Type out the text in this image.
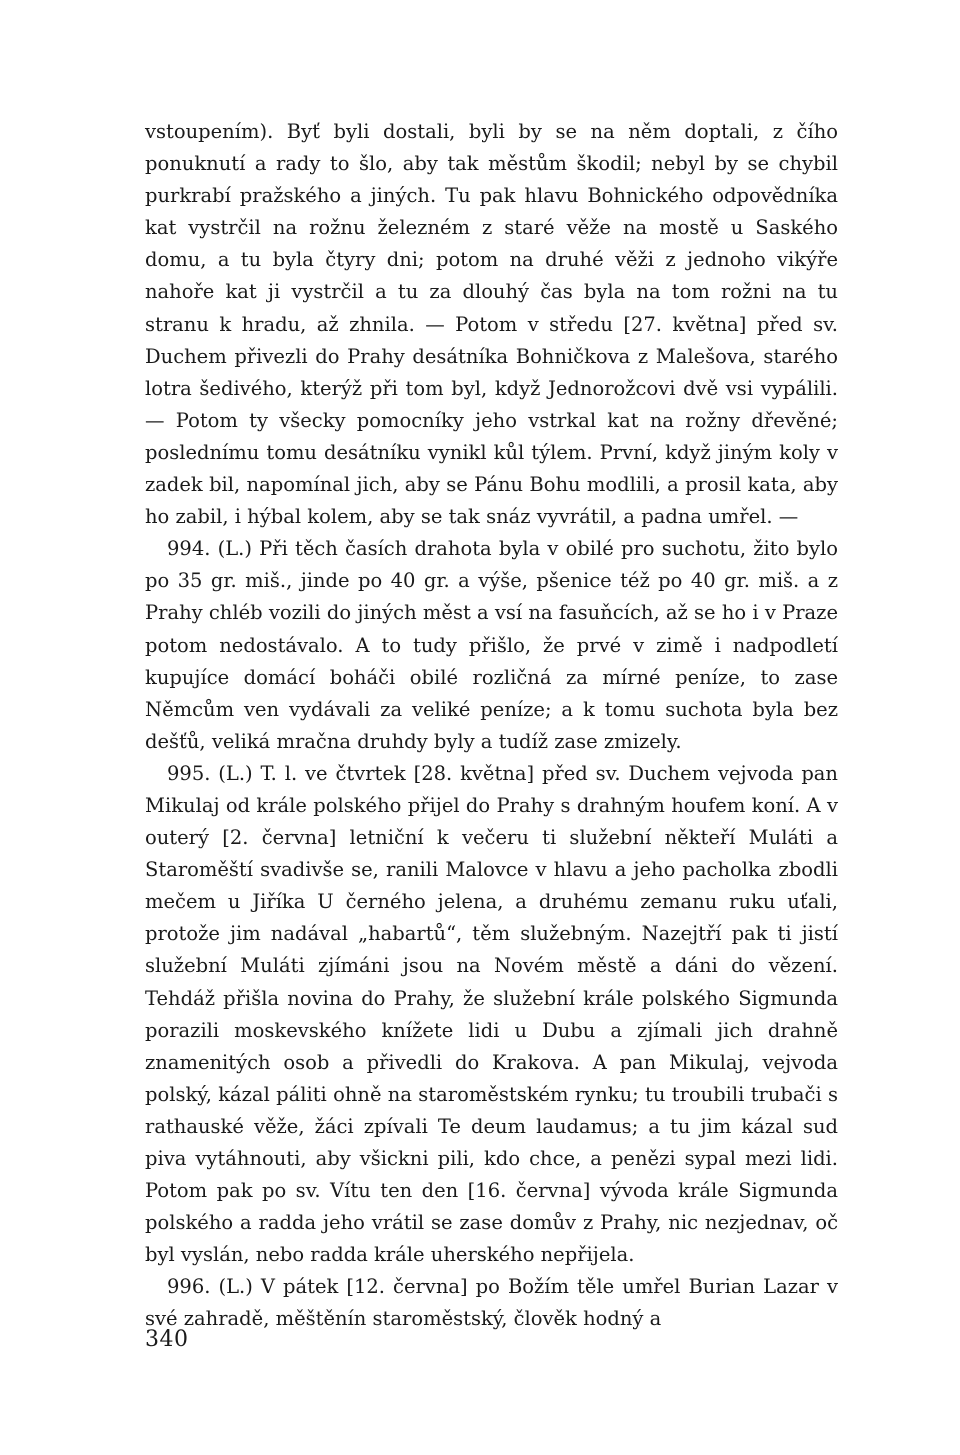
vstoupením). Byť byli dostali, byli by se na něm doptali, z čího ponuknutí a rady to šlo, aby tak městům škodil; nebyl by se chybil purkrabí pražského a jiných. Tu pak hlavu Bohnického odpovědníka kat vystrčil na rožnu železném z staré věže na mostě u Saského domu, a tu byla čtyry dni; potom na druhé věži z jednoho vikýře nahoře kat ji vystrčil a tu za dlouhý čas byla na tom rožni na tu stranu k hradu, až zhnila. — Potom v středu [27. května] před sv. Duchem přivezli do Prahy desátníka Bohničkova z Malešova, starého lotra šedivého, kterýž při tom byl, když Jednorožcovi dvě vsi vypálili. — Potom ty všecky pomocníky jeho vstrkal kat na rožny dřevěné; poslednímu tomu desátníku vynikl kůl týlem. První, když jiným koly v zadek bil, napomínal jich, aby se Pánu Bohu modlili, a prosil kata, aby ho zabil, i hýbal kolem, aby se tak snáz vyvrátil, a padna umřel. —

994. (L.) Při těch časích drahota byla v obilé pro suchotu, žito bylo po 35 gr. miš., jinde po 40 gr. a výše, pšenice též po 40 gr. miš. a z Prahy chléb vozili do jiných měst a vsí na fasuňcích, až se ho i v Praze potom nedostávalo. A to tudy přišlo, že prvé v zimě i nadpodletí kupujíce domácí boháči obilé rozličná za mírné peníze, to zase Němcům ven vydávali za veliké peníze; a k tomu suchota byla bez dešťů, veliká mračna druhdy byly a tudíž zase zmizely.

995. (L.) T. l. ve čtvrtek [28. května] před sv. Duchem vejvoda pan Mikulaj od krále polského přijel do Prahy s drahným houfem koní. A v outerý [2. června] letniční k večeru ti služební někteří Muláti a Staroměští svadivše se, ranili Malovce v hlavu a jeho pacholka zbodli mečem u Jiříka U černého jelena, a druhému zemanu ruku uťali, protože jim nadával „habartů“, těm služebným. Nazejtří pak ti jistí služební Muláti zjímáni jsou na Novém městě a dáni do vězení. Tehdáž přišla novina do Prahy, že služební krále polského Sigmunda porazili moskevského knížete lidi u Dubu a zjímali jich drahně znamenitých osob a přivedli do Krakova. A pan Mikulaj, vejvoda polský, kázal páliti ohně na staroměstském rynku; tu troubili trubači s rathauské věže, žáci zpívali Te deum laudamus; a tu jim kázal sud piva vytáhnouti, aby všickni pili, kdo chce, a penězi sypal mezi lidi. Potom pak po sv. Vítu ten den [16. června] vývoda krále Sigmunda polského a radda jeho vrátil se zase domův z Prahy, nic nezjednav, oč byl vyslán, nebo radda krále uherského nepřijela.

996. (L.) V pátek [12. června] po Božím těle umřel Burian Lazar v své zahradě, měštěnín staroměstský, člověk hodný a

340
